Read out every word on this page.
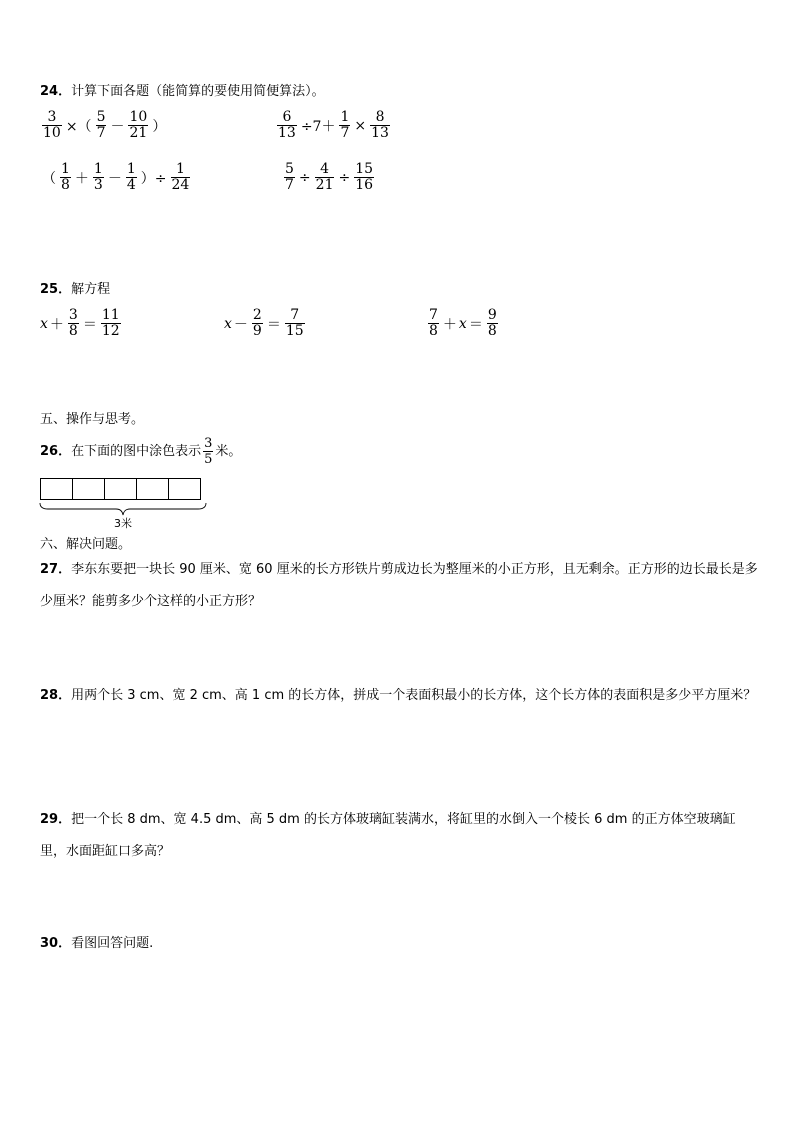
24．计算下面各题（能简算的要使用简便算法）。
$\frac{3}{10}$ ×（ $\frac{5}{7} - \frac{10}{21}$ ）	$\frac{6}{13} \div 7+ \frac{1}{7} \times \frac{8}{13}$
（ $\frac{1}{8} + \frac{1}{3} - \frac{1}{4}$ ）÷ $\frac{1}{24}$	$\frac{5}{7} \div \frac{4}{21} \div \frac{15}{16}$
25．解方程
$x + \frac{3}{8} = \frac{11}{12}$	$x - \frac{2}{9} = \frac{7}{15}$	$\frac{7}{8} + x = \frac{9}{8}$
五、操作与思考。
26． 在下面的图中涂色表示 $\frac{3}{5}$ 米。
3米
六、解决问题。
27．李东东要把一块长 90 厘米、宽 60 厘米的长方形铁片剪成边长为整厘米的小正方形，且无剩余。正方形的边长最长是多少厘米？能剪多少个这样的小正方形？
28．用两个长 3 cm、宽 2 cm、高 1 cm 的长方体，拼成一个表面积最小的长方体，这个长方体的表面积是多少平方厘米？
29．把一个长 8 dm、宽 4.5 dm、高 5 dm 的长方体玻璃缸装满水，将缸里的水倒入一个棱长 6 dm 的正方体空玻璃缸里，水面距缸口多高？
30．看图回答问题.
